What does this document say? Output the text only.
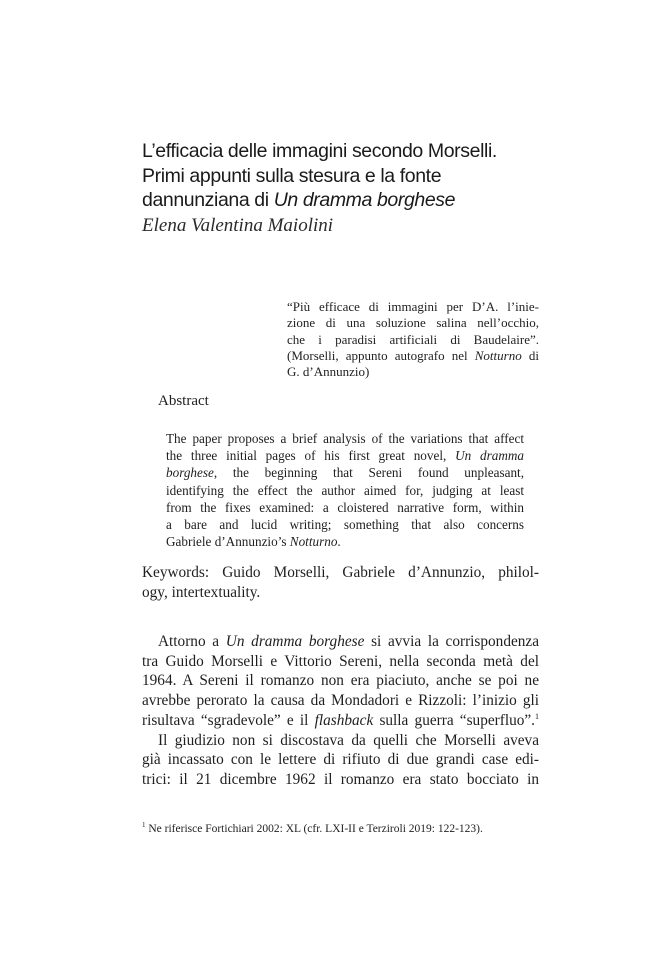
L’efficacia delle immagini secondo Morselli.
Primi appunti sulla stesura e la fonte
dannunziana di Un dramma borghese
Elena Valentina Maiolini
“Più efficace di immagini per D’A. l’inie-
zione di una soluzione salina nell’occhio,
che i paradisi artificiali di Baudelaire”.
(Morselli, appunto autografo nel Notturno di
G. d’Annunzio)
Abstract
The paper proposes a brief analysis of the variations that affect
the three initial pages of his first great novel, Un dramma
borghese, the beginning that Sereni found unpleasant,
identifying the effect the author aimed for, judging at least
from the fixes examined: a cloistered narrative form, within
a bare and lucid writing; something that also concerns
Gabriele d’Annunzio’s Notturno.
Keywords: Guido Morselli, Gabriele d’Annunzio, philol-
ogy, intertextuality.
Attorno a Un dramma borghese si avvia la corrispondenza
tra Guido Morselli e Vittorio Sereni, nella seconda metà del
1964. A Sereni il romanzo non era piaciuto, anche se poi ne
avrebbe perorato la causa da Mondadori e Rizzoli: l’inizio gli
risultava “sgradevole” e il flashback sulla guerra “superfluo”.$^1$
Il giudizio non si discostava da quelli che Morselli aveva
già incassato con le lettere di rifiuto di due grandi case edi-
trici: il 21 dicembre 1962 il romanzo era stato bocciato in
$^1$ Ne riferisce Fortichiari 2002: XL (cfr. LXI-II e Terziroli 2019: 122-123).
